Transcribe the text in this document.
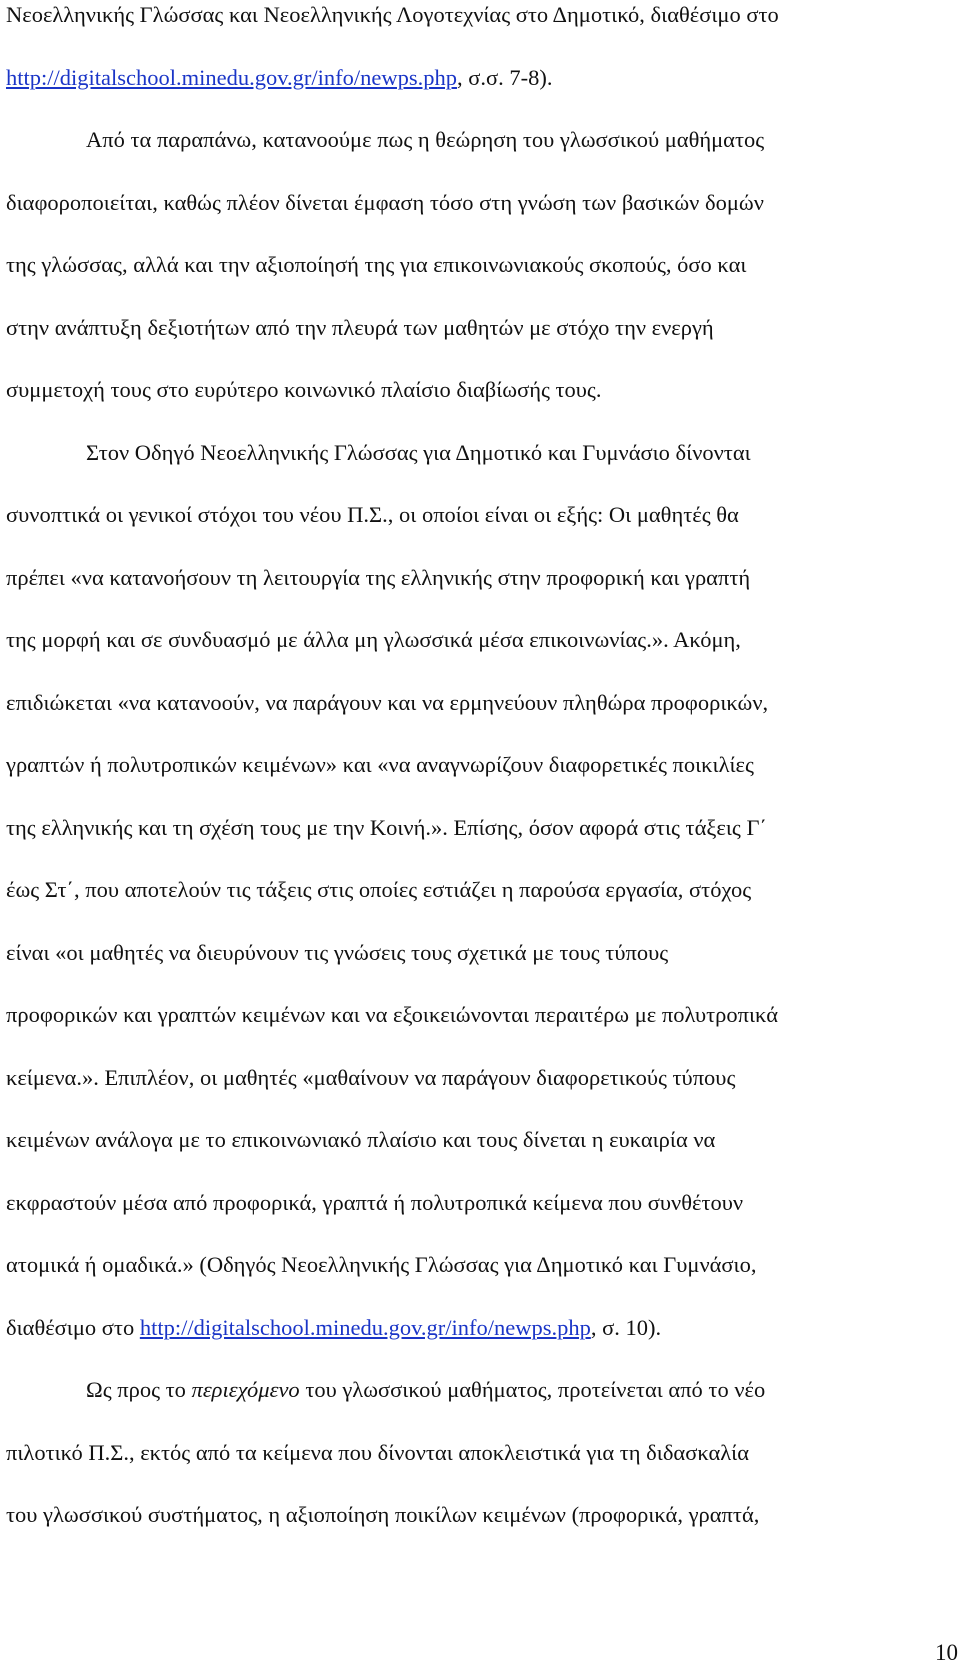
Νεοελληνικής Γλώσσας και Νεοελληνικής Λογοτεχνίας στο Δημοτικό, διαθέσιμο στο
http://digitalschool.minedu.gov.gr/info/newps.php, σ.σ. 7-8).

Από τα παραπάνω, κατανοούμε πως η θεώρηση του γλωσσικού μαθήματος
διαφοροποιείται, καθώς πλέον δίνεται έμφαση τόσο στη γνώση των βασικών δομών
της γλώσσας, αλλά και την αξιοποίησή της για επικοινωνιακούς σκοπούς, όσο και
στην ανάπτυξη δεξιοτήτων από την πλευρά των μαθητών με στόχο την ενεργή
συμμετοχή τους στο ευρύτερο κοινωνικό πλαίσιο διαβίωσής τους.

Στον Οδηγό Νεοελληνικής Γλώσσας για Δημοτικό και Γυμνάσιο δίνονται
συνοπτικά οι γενικοί στόχοι του νέου Π.Σ., οι οποίοι είναι οι εξής: Οι μαθητές θα
πρέπει «να κατανοήσουν τη λειτουργία της ελληνικής στην προφορική και γραπτή
της μορφή και σε συνδυασμό με άλλα μη γλωσσικά μέσα επικοινωνίας.». Ακόμη,
επιδιώκεται «να κατανοούν, να παράγουν και να ερμηνεύουν πληθώρα προφορικών,
γραπτών ή πολυτροπικών κειμένων» και «να αναγνωρίζουν διαφορετικές ποικιλίες
της ελληνικής και τη σχέση τους με την Κοινή.». Επίσης, όσον αφορά στις τάξεις Γ΄
έως Στ΄, που αποτελούν τις τάξεις στις οποίες εστιάζει η παρούσα εργασία, στόχος
είναι «οι μαθητές να διευρύνουν τις γνώσεις τους σχετικά με τους τύπους
προφορικών και γραπτών κειμένων και να εξοικειώνονται περαιτέρω με πολυτροπικά
κείμενα.». Επιπλέον, οι μαθητές «μαθαίνουν να παράγουν διαφορετικούς τύπους
κειμένων ανάλογα με το επικοινωνιακό πλαίσιο και τους δίνεται η ευκαιρία να
εκφραστούν μέσα από προφορικά, γραπτά ή πολυτροπικά κείμενα που συνθέτουν
ατομικά ή ομαδικά.» (Οδηγός Νεοελληνικής Γλώσσας για Δημοτικό και Γυμνάσιο,
διαθέσιμο στο http://digitalschool.minedu.gov.gr/info/newps.php, σ. 10).

Ως προς το περιεχόμενο του γλωσσικού μαθήματος, προτείνεται από το νέο
πιλοτικό Π.Σ., εκτός από τα κείμενα που δίνονται αποκλειστικά για τη διδασκαλία
του γλωσσικού συστήματος, η αξιοποίηση ποικίλων κειμένων (προφορικά, γραπτά,

10
